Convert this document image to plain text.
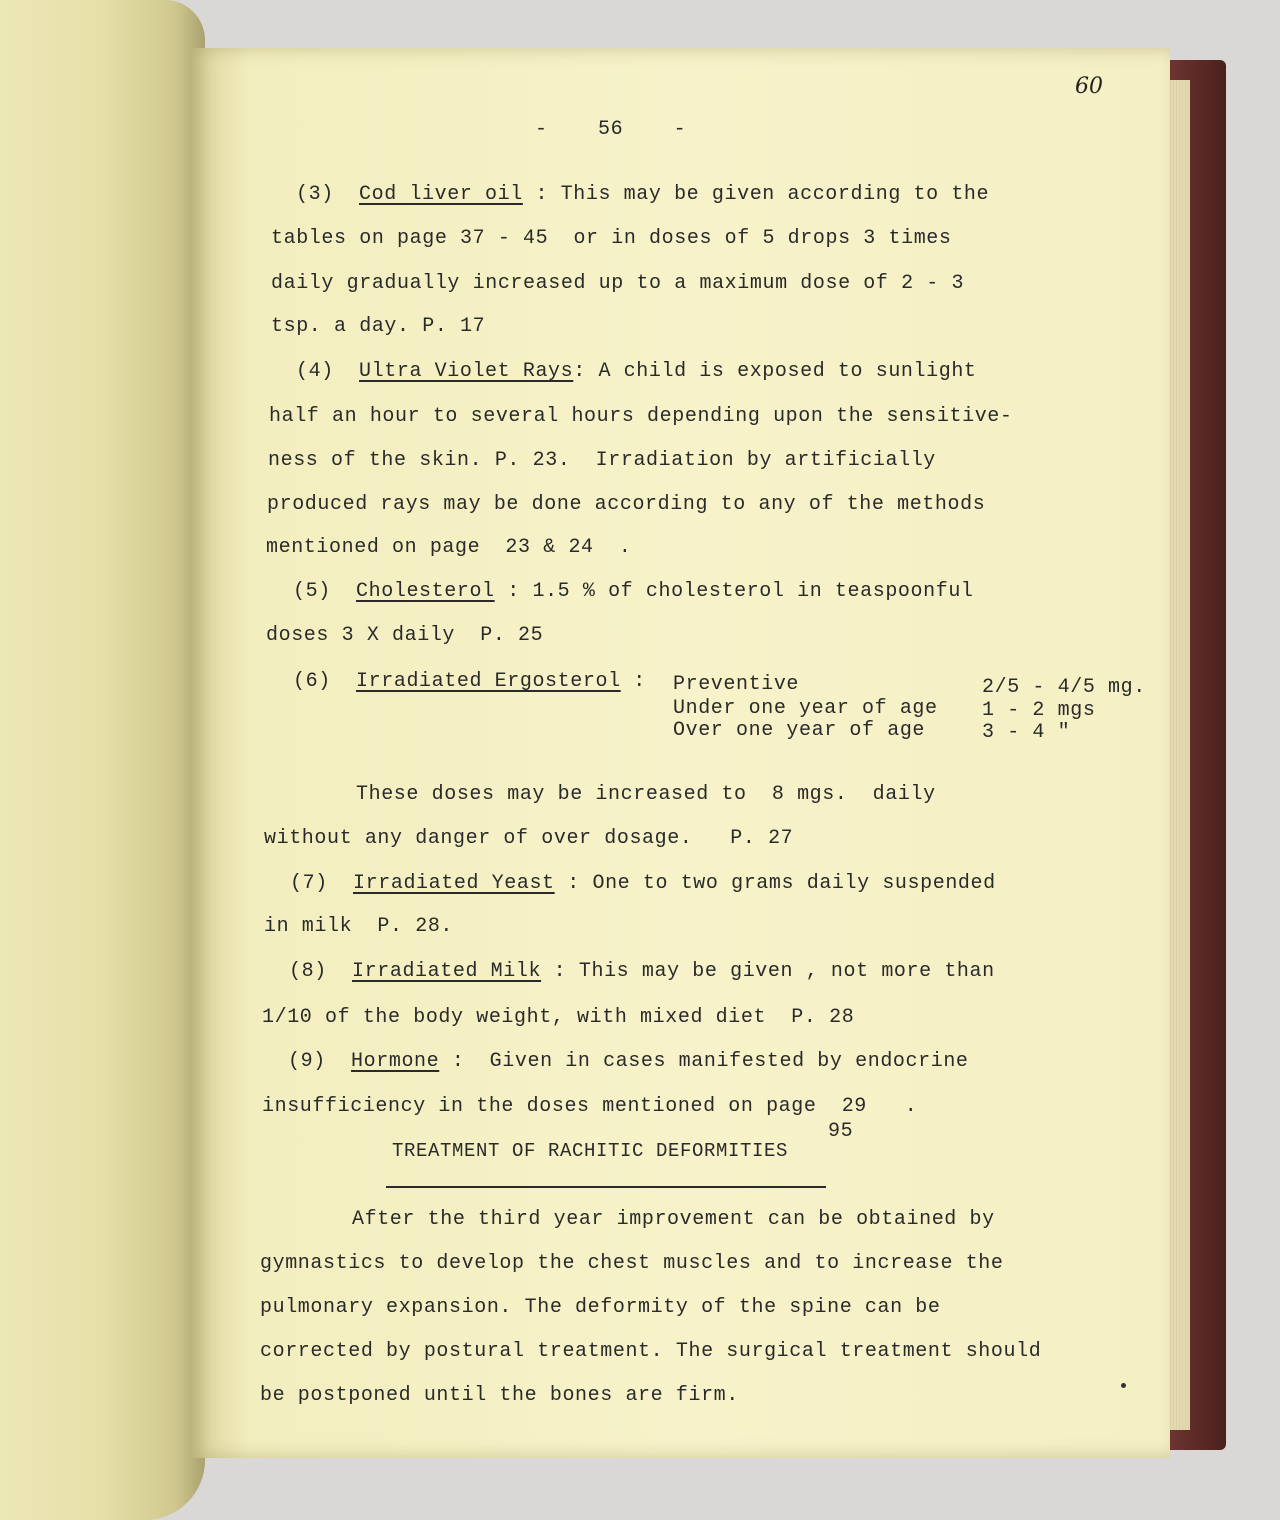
60
-    56    -
(3) Cod liver oil : This may be given according to the
tables on page 37 - 45  or in doses of 5 drops 3 times
daily gradually increased up to a maximum dose of 2 - 3
tsp. a day. P. 17
(4) Ultra Violet Rays: A child is exposed to sunlight
half an hour to several hours depending upon the sensitive-
ness of the skin. P. 23.  Irradiation by artificially
produced rays may be done according to any of the methods
mentioned on page  23 & 24  .
(5) Cholesterol : 1.5 % of cholesterol in teaspoonful
doses 3 X daily  P. 25
(6) Irradiated Ergosterol : Preventive	2/5 - 4/5 mg.
Under one year of age 1 - 2 mgs
Over one year of age	3 - 4 "
These doses may be increased to  8 mgs.  daily
without any danger of over dosage.   P. 27
(7) Irradiated Yeast : One to two grams daily suspended
in milk  P. 28.
(8) Irradiated Milk : This may be given , not more than
1/10 of the body weight, with mixed diet  P. 28
(9) Hormone :  Given in cases manifested by endocrine
insufficiency in the doses mentioned on page  29   .
95
TREATMENT OF RACHITIC DEFORMITIES
After the third year improvement can be obtained by
gymnastics to develop the chest muscles and to increase the
pulmonary expansion. The deformity of the spine can be
corrected by postural treatment. The surgical treatment should
be postponed until the bones are firm.
